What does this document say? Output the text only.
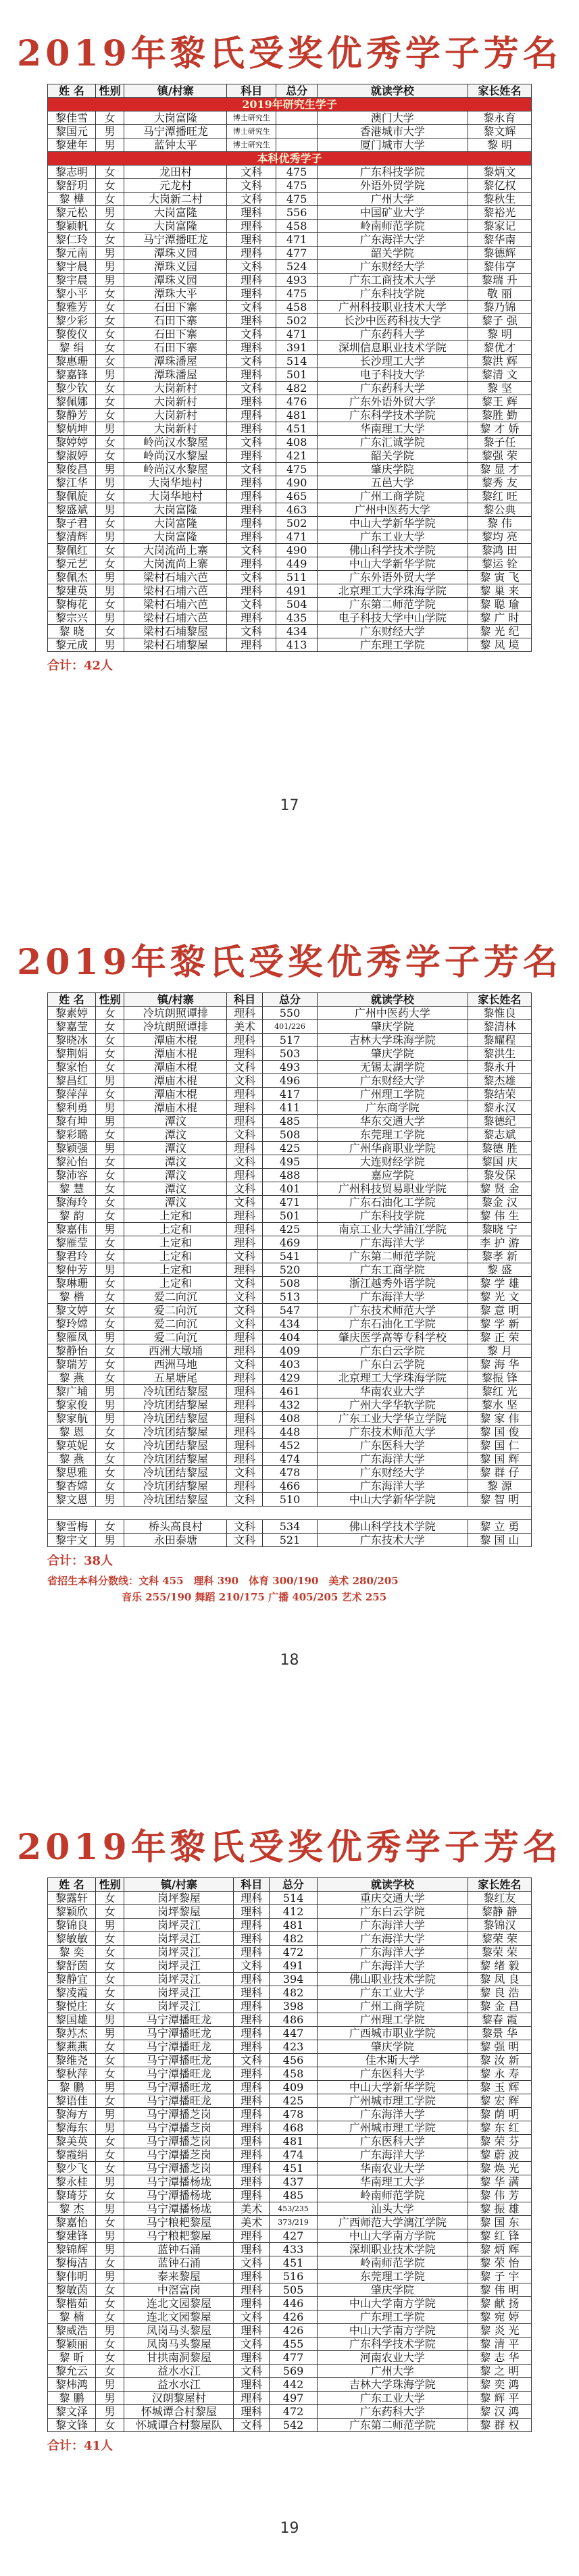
2019年黎氏受奖优秀学子芳名
姓 名	性别	镇/村寨	科目	总分	就读学校	家长姓名
2019年研究生学子						
黎佳雪	女	大岗富隆	博士研究生		澳门大学	黎永育
黎国元	男	马宁潭播旺龙	博士研究生		香港城市大学	黎文辉
黎建年	男	蓝钟太平	博士研究生		厦门城市大学	黎 明
本科优秀学子						
黎志明	女	龙田村	文科	475	广东科技学院	黎炳文
黎舒玥	女	元龙村	文科	475	外语外贸学院	黎亿权
黎 樺	女	大岗新二村	文科	475	广州大学	黎秋生
黎元松	男	大岗富隆	理科	556	中国矿业大学	黎裕光
黎颖帆	女	大岗富隆	理科	458	岭南师范学院	黎家记
黎仁玲	女	马宁潭播旺龙	理科	471	广东海洋大学	黎华南
黎元南	男	潭珠义园	理科	477	韶关学院	黎德辉
黎宇晨	男	潭珠义园	文科	524	广东财经大学	黎伟亨
黎宇晨	男	潭珠义园	理科	493	广东工商技术大学	黎瑞 升
黎小平	女	潭珠大平	理科	475	广东科技学院	敬 丽
黎雅芳	女	石田下寨	文科	458	广州科技职业技术大学	黎乃锦
黎少彩	女	石田下寨	理科	502	长沙中医药科技大学	黎子 强
黎俊仪	女	石田下寨	文科	471	广东药科大学	黎 明
黎 绢	女	石田下寨	理科	391	深圳信息职业技术学院	黎优才
黎惠珊	女	潭珠潘屋	文科	514	长沙理工大学	黎洪 辉
黎嘉锋	男	潭珠潘屋	理科	501	电子科技大学	黎清 文
黎少钦	女	大岗新村	文科	482	广东药科大学	黎 坚
黎佩娜	女	大岗新村	理科	476	广东外语外贸大学	黎王 辉
黎静芳	女	大岗新村	理科	481	广东科学技术学院	黎胜 勤
黎炳坤	男	大岗新村	理科	451	华南理工大学	黎 才 娇
黎婷婷	女	岭尚汉水黎屋	文科	408	广东汇诚学院	黎子任
黎淑婷	女	岭尚汉水黎屋	理科	421	韶关学院	黎强 荣
黎俊昌	男	岭尚汉水黎屋	文科	475	肇庆学院	黎 显 才
黎江华	男	大岗华地村	理科	490	五邑大学	黎秀 友
黎佩旋	女	大岗华地村	理科	465	广州工商学院	黎红 旺
黎盛斌	男	大岗富隆	理科	463	广州中医药大学	黎公典
黎子君	女	大岗富隆	理科	502	中山大学新华学院	黎 伟
黎清辉	男	大岗富隆	理科	471	广东工业大学	黎均 亮
黎佩红	女	大岗流尚上寨	文科	490	佛山科学技术学院	黎鸿 田
黎元艺	女	大岗流尚上寨	理科	449	中山大学新华学院	黎运 铨
黎佩杰	男	梁村石埔六芭	文科	511	广东外语外贸大学	黎 寅 飞
黎建英	男	梁村石埔六芭	理科	491	北京理工大学珠海学院	黎 巢 来
黎梅花	女	梁村石埔六芭	文科	504	广东第二师范学院	黎 聪 瑜
黎宗兴	男	梁村石埔六芭	理科	435	电子科技大学中山学院	黎 广 时
黎 晓	女	梁村石埔黎屋	文科	434	广东财经大学	黎 光 纪
黎元成	男	梁村石埔黎屋	理科	413	广东理工学院	黎 凤 境
合计：42人
17
2019年黎氏受奖优秀学子芳名
姓 名	性别	镇/村寨	科目	总分	就读学校	家长姓名
黎素婷	女	冷坑朗照谭排	理科	550	广州中医药大学	黎惟良
黎嘉莹	女	冷坑朗照谭排	美术	401/226	肇庆学院	黎清林
黎晓冰	女	潭庙木棍	理科	517	吉林大学珠海学院	黎耀程
黎荆娟	女	潭庙木棍	理科	503	肇庆学院	黎洪生
黎家怡	女	潭庙木棍	文科	493	无锡太湖学院	黎永升
黎昌红	男	潭庙木棍	文科	496	广东财经大学	黎杰雄
黎萍萍	女	潭庙木棍	理科	417	广州理工学院	黎结荣
黎利勇	男	潭庙木棍	理科	411	广东商学院	黎永汉
黎有坤	男	潭汶	理科	485	华东交通大学	黎德纪
黎彩璐	女	潭汶	文科	508	东莞理工学院	黎志斌
黎颖强	男	潭汶	理科	425	广州华商职业学院	黎德 胜
黎沁怡	女	潭汶	文科	495	大连财经学院	黎国 庆
黎沛容	女	潭汶	理科	488	嘉应学院	黎发保
黎 慧	女	潭汶	文科	401	广州科技贸易职业学院	黎 贤 金
黎海玲	女	潭汶	文科	471	广东石油化工学院	黎金 汉
黎 韵	女	上定和	理科	501	广东科技学院	黎 伟 生
黎嘉伟	男	上定和	理科	425	南京工业大学浦江学院	黎晓 宁
黎雁莹	女	上定和	理科	469	广东海洋大学	李 护 游
黎君玲	女	上定和	文科	541	广东第二师范学院	黎孝 新
黎仲芳	男	上定和	理科	520	广东工商学院	黎 盛
黎琳珊	女	上定和	文科	508	浙江越秀外语学院	黎 学 雄
黎 楷	女	爱二向沉	文科	513	广东海洋大学	黎 光 文
黎文婷	女	爱二向沉	文科	547	广东技术师范大学	黎 意 明
黎玲嫦	女	爱二向沉	文科	434	广东石油化工学院	黎 学 新
黎雁凤	男	爱二向沉	理科	404	肇庆医学高等专科学校	黎 正 荣
黎静怡	女	西洲大墩埇	理科	409	广东白云学院	黎 月
黎瑞芳	女	西洲马地	文科	403	广东白云学院	黎 海 华
黎 燕	女	五星塘尾	理科	429	北京理工大学珠海学院	黎振 锋
黎广埔	男	冷坑团结黎屋	理科	461	华南农业大学	黎红 光
黎家俊	男	冷坑团结黎屋	理科	432	广州大学华软学院	黎水 坚
黎家航	男	冷坑团结黎屋	理科	408	广东工业大学华立学院	黎 家 伟
黎 恩	女	冷坑团结黎屋	理科	448	广东技术师范大学	黎 国 俊
黎英妮	女	冷坑团结黎屋	理科	452	广东医科大学	黎 国 仁
黎 燕	女	冷坑团结黎屋	理科	474	广东海洋大学	黎 国 辉
黎思雅	女	冷坑团结黎屋	文科	478	广东财经大学	黎 群 仔
黎杏嫦	女	冷坑团结黎屋	理科	466	广东海洋大学	黎 源
黎文恩	男	冷坑团结黎屋	文科	510	中山大学新华学院	黎 智 明

黎雪梅	女	桥头高良村	文科	534	佛山科学技术学院	黎 立 勇
黎宇文	男	永田泰塘	文科	521	广东技术大学	黎 国 山
合计：38人
省招生本科分数线：文科 455　理科 390　体育 300/190　美术 280/205
音乐 255/190 舞蹈 210/175 广播 405/205 艺术 255
18
2019年黎氏受奖优秀学子芳名
姓 名	性别	镇/村寨	科目	总分	就读学校	家长姓名
黎露轩	女	岗坪黎屋	理科	514	重庆交通大学	黎红友
黎颖欣	女	岗坪黎屋	理科	412	广东白云学院	黎静 静
黎锦良	男	岗坪灵江	理科	481	广东海洋大学	黎锦汉
黎敏敏	女	岗坪灵江	理科	482	广东海洋大学	黎荣 荣
黎 奕	女	岗坪灵江	理科	472	广东海洋大学	黎荣 荣
黎舒茵	女	岗坪灵江	文科	491	广东海洋大学	黎 绪 毅
黎静宜	女	岗坪灵江	理科	394	佛山职业技术学院	黎 凤 良
黎凌霞	女	岗坪灵江	理科	482	广东工业大学	黎 良 浩
黎悦庄	女	岗坪灵江	理科	398	广州工商学院	黎 金 昌
黎国雄	男	马宁潭播旺龙	理科	486	广州理工学院	黎春 霞
黎苏杰	男	马宁潭播旺龙	理科	447	广西城市职业学院	黎景 华
黎燕燕	女	马宁潭播旺龙	理科	423	肇庆学院	黎 强 明
黎维尧	女	马宁潭播旺龙	文科	456	佳木斯大学	黎 汝 新
黎秋萍	女	马宁潭播旺龙	理科	458	广东医科大学	黎 永 寿
黎 鹏	男	马宁潭播旺龙	理科	409	中山大学新华学院	黎 玉 辉
黎语佳	女	马宁潭播旺龙	理科	425	广州城市理工学院	黎 宏 辉
黎海方	男	马宁潭播芝岗	理科	478	广东海洋大学	黎 荫 明
黎海东	男	马宁潭播芝岗	理科	468	广州城市理工学院	黎 东 红
黎美英	女	马宁潭播芝岗	理科	481	广东医科大学	黎 荣 芬
黎霞绢	女	马宁潭播芝岗	理科	474	广东海洋大学	黎 蔚 波
黎少飞	女	马宁潭播芝岗	理科	451	华南农业大学	黎 焕 光
黎永桂	男	马宁潭播杨垅	理科	437	华南理工大学	黎 华 满
黎琦芬	女	马宁潭播杨垅	理科	485	岭南师范学院	黎 伟 芳
黎 杰	男	马宁潭播杨垅	美术	453/235	汕头大学	黎 振 雄
黎嘉怡	女	马宁粮耙黎屋	美术	373/219	广西师范大学漓江学院	黎 国 东
黎建锋	男	马宁粮耙黎屋	理科	427	中山大学南方学院	黎 红 锋
黎锦辉	男	蓝钟石涌	理科	433	深圳职业技术学院	黎 炳 辉
黎梅洁	女	蓝钟石涌	文科	451	岭南师范学院	黎 荣 怡
黎伟明	男	泰来黎屋	理科	516	东莞理工学院	黎 子 宇
黎敏茵	女	中滘富岗	理科	505	肇庆学院	黎 伟 明
黎楷茹	女	连北文园黎屋	理科	446	中山大学南方学院	黎 献 扬
黎 楠	女	连北文园黎屋	文科	426	广东理工学院	黎 宛 婷
黎威浩	男	凤岗马头黎屋	理科	426	中山大学南方学院	黎 炎 光
黎颖丽	女	凤岗马头黎屋	文科	455	广东科学技术学院	黎 清 平
黎 昕	女	甘拱南洞黎屋	理科	477	河南农业大学	黎 志 华
黎允云	女	益水水江	文科	569	广州大学	黎 之 明
黎炜鸿	男	益水水江	理科	442	吉林大学珠海学院	黎 奕 鸿
黎 鹏	男	汉朗黎屋村	理科	497	广东工业大学	黎 辉 平
黎文泽	男	怀城谭合村黎屋	理科	472	广东药科大学	黎 汉 鸿
黎文锋	女	怀城谭合村黎屋队	文科	542	广东第二师范学院	黎 群 权
合计：41人
19
